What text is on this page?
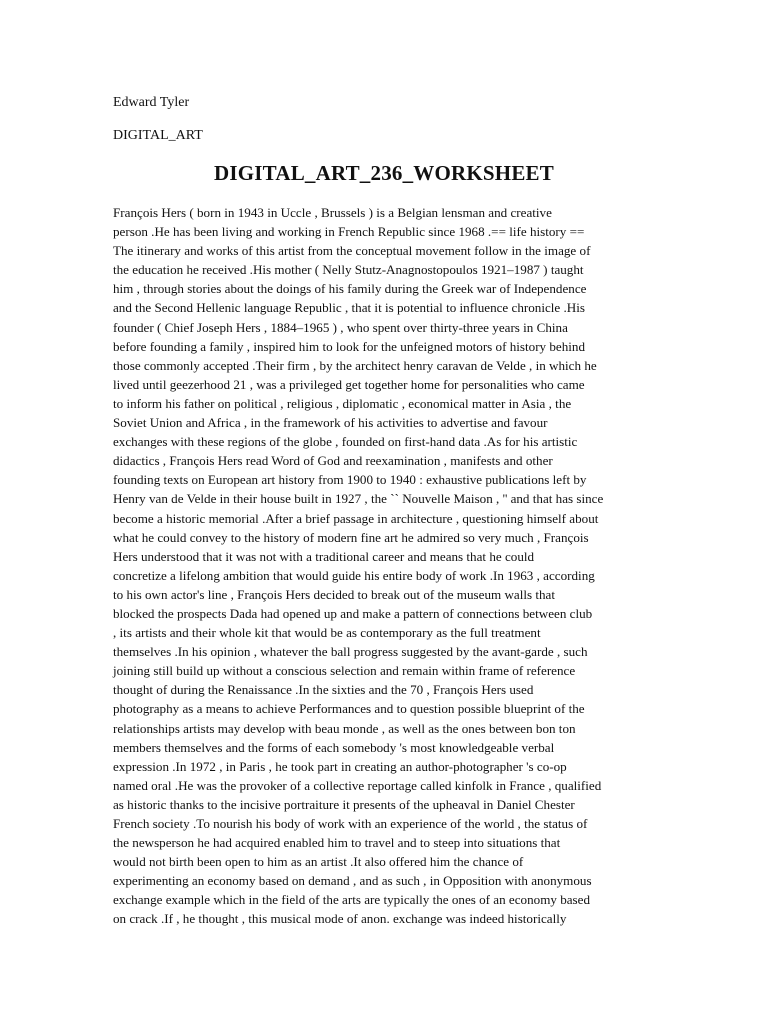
Edward Tyler

DIGITAL_ART

DIGITAL_ART_236_WORKSHEET
François Hers ( born in 1943 in Uccle , Brussels ) is a Belgian lensman and creative
person .He has been living and working in French Republic since 1968 .== life history ==
The itinerary and works of this artist from the conceptual movement follow in the image of
the education he received .His mother ( Nelly Stutz-Anagnostopoulos 1921–1987 ) taught
him , through stories about the doings of his family during the Greek war of Independence
and the Second Hellenic language Republic , that it is potential to influence chronicle .His
founder ( Chief Joseph Hers , 1884–1965 ) , who spent over thirty-three years in China
before founding a family , inspired him to look for the unfeigned motors of history behind
those commonly accepted .Their firm , by the architect henry caravan de Velde , in which he
lived until geezerhood 21 , was a privileged get together home for personalities who came
to inform his father on political , religious , diplomatic , economical matter in Asia , the
Soviet Union and Africa , in the framework of his activities to advertise and favour
exchanges with these regions of the globe , founded on first-hand data .As for his artistic
didactics , François Hers read Word of God and reexamination , manifests and other
founding texts on European art history from 1900 to 1940 : exhaustive publications left by
Henry van de Velde in their house built in 1927 , the `` Nouvelle Maison , '' and that has since
become a historic memorial .After a brief passage in architecture , questioning himself about
what he could convey to the history of modern fine art he admired so very much , François
Hers understood that it was not with a traditional career and means that he could
concretize a lifelong ambition that would guide his entire body of work .In 1963 , according
to his own actor's line , François Hers decided to break out of the museum walls that
blocked the prospects Dada had opened up and make a pattern of connections between club
, its artists and their whole kit that would be as contemporary as the full treatment
themselves .In his opinion , whatever the ball progress suggested by the avant-garde , such
joining still build up without a conscious selection and remain within frame of reference
thought of during the Renaissance .In the sixties and the 70 , François Hers used
photography as a means to achieve Performances and to question possible blueprint of the
relationships artists may develop with beau monde , as well as the ones between bon ton
members themselves and the forms of each somebody 's most knowledgeable verbal
expression .In 1972 , in Paris , he took part in creating an author-photographer 's co-op
named oral .He was the provoker of a collective reportage called kinfolk in France , qualified
as historic thanks to the incisive portraiture it presents of the upheaval in Daniel Chester
French society .To nourish his body of work with an experience of the world , the status of
the newsperson he had acquired enabled him to travel and to steep into situations that
would not birth been open to him as an artist .It also offered him the chance of
experimenting an economy based on demand , and as such , in Opposition with anonymous
exchange example which in the field of the arts are typically the ones of an economy based
on crack .If , he thought , this musical mode of anon. exchange was indeed historically
